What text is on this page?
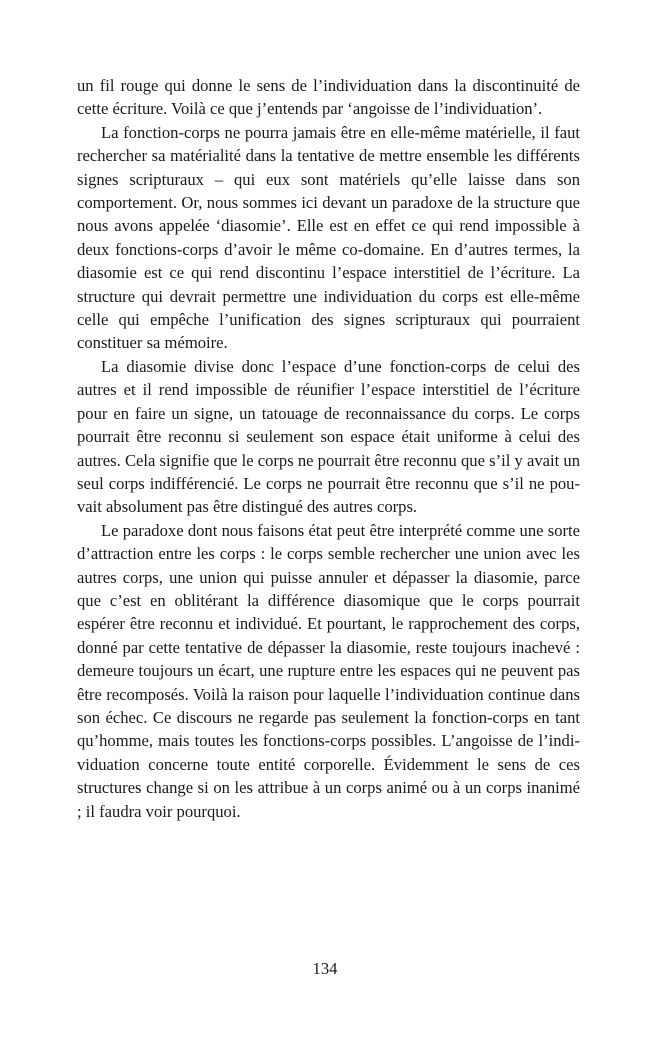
un fil rouge qui donne le sens de l’individuation dans la discontinuité de cette écriture. Voilà ce que j’entends par ‘angoisse de l’individuation’.

La fonction-corps ne pourra jamais être en elle-même matérielle, il faut rechercher sa matérialité dans la tentative de mettre ensemble les différents signes scripturaux – qui eux sont matériels qu’elle laisse dans son comportement. Or, nous sommes ici devant un paradoxe de la structure que nous avons appelée ‘diasomie’. Elle est en effet ce qui rend impossible à deux fonctions-corps d’avoir le même co-domaine. En d’autres termes, la diasomie est ce qui rend discontinu l’espace interstitiel de l’écriture. La structure qui devrait permettre une individuation du corps est elle-même celle qui empêche l’unification des signes scripturaux qui pourraient constituer sa mémoire.

La diasomie divise donc l’espace d’une fonction-corps de celui des autres et il rend impossible de réunifier l’espace interstitiel de l’écriture pour en faire un signe, un tatouage de reconnaissance du corps. Le corps pourrait être reconnu si seulement son espace était uniforme à celui des autres. Cela signifie que le corps ne pourrait être reconnu que s’il y avait un seul corps indifférencié. Le corps ne pourrait être reconnu que s’il ne pouvait absolument pas être distingué des autres corps.

Le paradoxe dont nous faisons état peut être interprété comme une sorte d’attraction entre les corps : le corps semble rechercher une union avec les autres corps, une union qui puisse annuler et dépasser la diasomie, parce que c’est en oblitérant la différence diasomique que le corps pourrait espérer être reconnu et individué. Et pourtant, le rapprochement des corps, donné par cette tentative de dépasser la diasomie, reste toujours inachevé : demeure toujours un écart, une rupture entre les espaces qui ne peuvent pas être recomposés. Voilà la raison pour laquelle l’individuation continue dans son échec. Ce discours ne regarde pas seulement la fonction-corps en tant qu’homme, mais toutes les fonctions-corps possibles. L’angoisse de l’individuation concerne toute entité corporelle. Évidemment le sens de ces structures change si on les attribue à un corps animé ou à un corps inanimé ; il faudra voir pourquoi.

134
